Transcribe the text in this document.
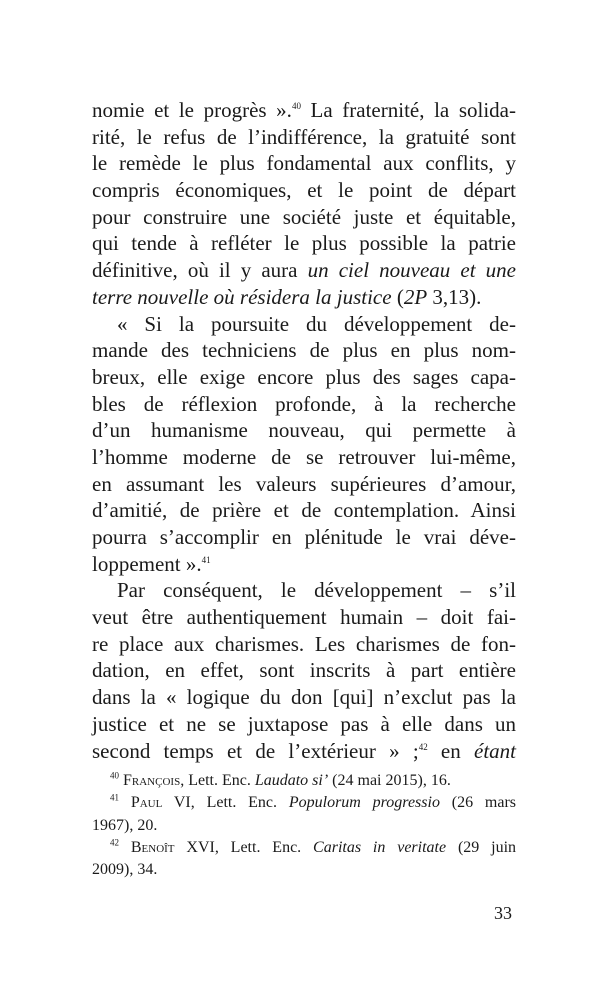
nomie et le progrès ».$^{40}$ La fraternité, la solida-
rité, le refus de l’indifférence, la gratuité sont
le remède le plus fondamental aux conflits, y
compris économiques, et le point de départ
pour construire une société juste et équitable,
qui tende à refléter le plus possible la patrie
définitive, où il y aura un ciel nouveau et une
terre nouvelle où résidera la justice (2P 3,13).
« Si la poursuite du développement de-
mande des techniciens de plus en plus nom-
breux, elle exige encore plus des sages capa-
bles de réflexion profonde, à la recherche
d’un humanisme nouveau, qui permette à
l’homme moderne de se retrouver lui-même,
en assumant les valeurs supérieures d’amour,
d’amitié, de prière et de contemplation. Ainsi
pourra s’accomplir en plénitude le vrai déve-
loppement ».$^{41}$
Par conséquent, le développement – s’il
veut être authentiquement humain – doit fai-
re place aux charismes. Les charismes de fon-
dation, en effet, sont inscrits à part entière
dans la « logique du don [qui] n’exclut pas la
justice et ne se juxtapose pas à elle dans un
second temps et de l’extérieur » ;$^{42}$ en étant
$^{40}$ François, Lett. Enc. Laudato si’ (24 mai 2015), 16.
$^{41}$ Paul VI, Lett. Enc. Populorum progressio (26 mars
1967), 20.
$^{42}$ Benoît XVI, Lett. Enc. Caritas in veritate (29 juin
2009), 34.
33
